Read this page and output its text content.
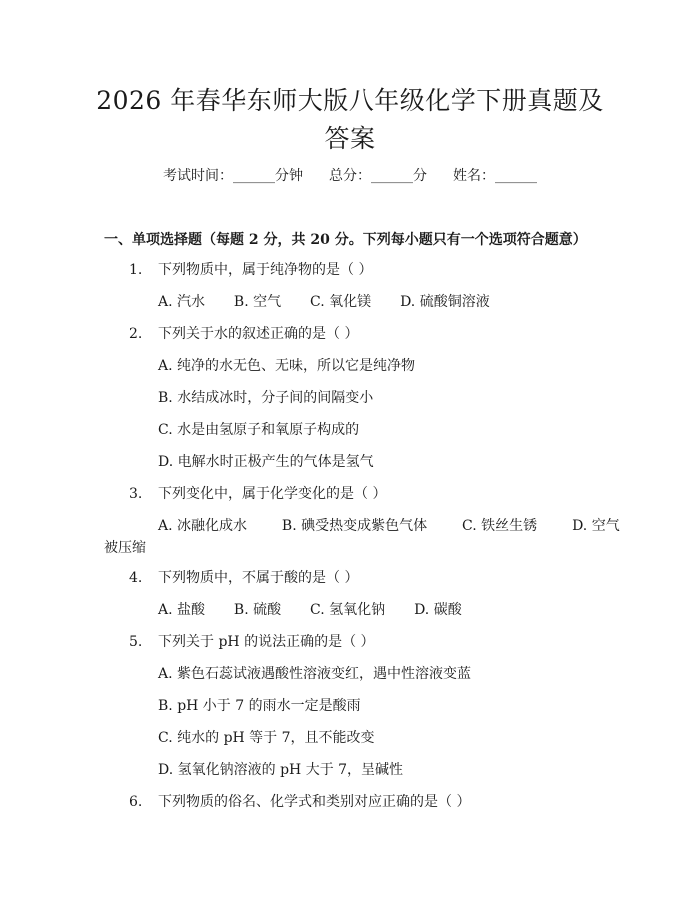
2026 年春华东师大版八年级化学下册真题及
答案
考试时间：______分钟 总分：______分 姓名：______
一、单项选择题（每题 2 分，共 20 分。下列每小题只有一个选项符合题意）
1. 下列物质中，属于纯净物的是（ ）
A. 汽水 B. 空气 C. 氧化镁 D. 硫酸铜溶液
2. 下列关于水的叙述正确的是（ ）
A. 纯净的水无色、无味，所以它是纯净物
B. 水结成冰时，分子间的间隔变小
C. 水是由氢原子和氧原子构成的
D. 电解水时正极产生的气体是氢气
3. 下列变化中，属于化学变化的是（ ）
A. 冰融化成水 B. 碘受热变成紫色气体 C. 铁丝生锈 D. 空气
被压缩
4. 下列物质中，不属于酸的是（ ）
A. 盐酸 B. 硫酸 C. 氢氧化钠 D. 碳酸
5. 下列关于 pH 的说法正确的是（ ）
A. 紫色石蕊试液遇酸性溶液变红，遇中性溶液变蓝
B. pH 小于 7 的雨水一定是酸雨
C. 纯水的 pH 等于 7，且不能改变
D. 氢氧化钠溶液的 pH 大于 7，呈碱性
6. 下列物质的俗名、化学式和类别对应正确的是（ ）
